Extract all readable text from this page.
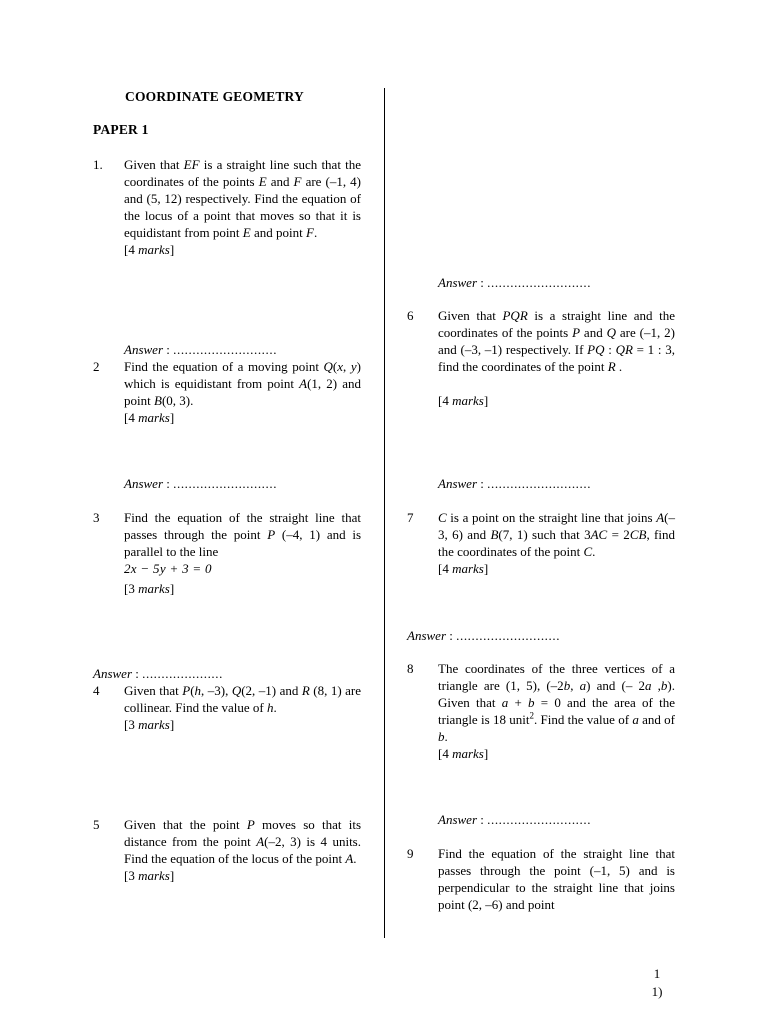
COORDINATE GEOMETRY
PAPER 1
1.	Given that EF is a straight line such that the coordinates of the points E and F are (–1, 4) and (5, 12) respectively. Find the equation of the locus of a point that moves so that it is equidistant from point E and point F.
[4 marks]
Answer : ...........................
2	Find the equation of a moving point Q(x, y) which is equidistant from point A(1, 2) and point B(0, 3).
[4 marks]
Answer : ...........................
3	Find the equation of the straight line that passes through the point P (–4, 1) and is parallel to the line
2x − 5y + 3 = 0
[3 marks]
Answer : .....................
4	Given that P(h, –3), Q(2, –1) and R (8, 1) are collinear. Find the value of h.
[3 marks]
5	Given that the point P moves so that its distance from the point A(–2, 3) is 4 units. Find the equation of the locus of the point A.
[3 marks]
Answer : ...........................
6	Given that PQR is a straight line and the coordinates of the points P and Q are (–1, 2) and (–3, –1) respectively. If PQ : QR = 1 : 3, find the coordinates of the point R .
[4 marks]
Answer : ...........................
7	C is a point on the straight line that joins A(–3, 6) and B(7, 1) such that 3AC = 2CB, find the coordinates of the point C.
[4 marks]
Answer : ...........................
8	The coordinates of the three vertices of a triangle are (1, 5), (–2b, a) and (– 2a ,b). Given that a + b = 0 and the area of the triangle is 18 unit$^2$. Find the value of a and of b.
[4 marks]
Answer : ...........................
9	Find the equation of the straight line that passes through the point (–1, 5) and is perpendicular to the straight line that joins point (2, –6) and point
1
1)
